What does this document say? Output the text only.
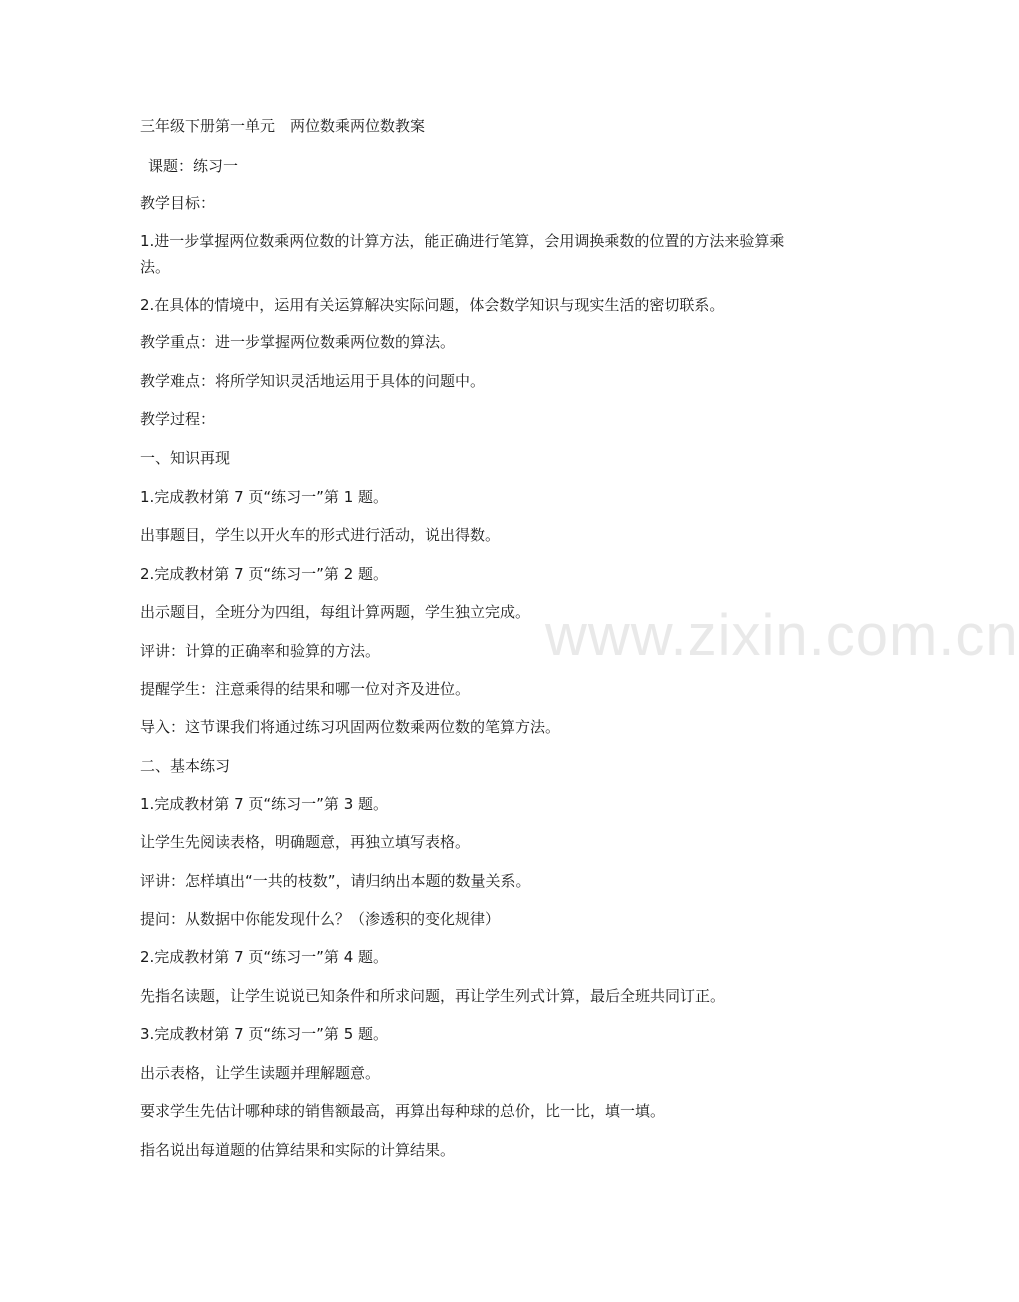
三年级下册第一单元　两位数乘两位数教案
课题：练习一
教学目标：
1.进一步掌握两位数乘两位数的计算方法，能正确进行笔算，会用调换乘数的位置的方法来验算乘法。
2.在具体的情境中，运用有关运算解决实际问题，体会数学知识与现实生活的密切联系。
教学重点：进一步掌握两位数乘两位数的算法。
教学难点：将所学知识灵活地运用于具体的问题中。
教学过程：
一、知识再现
1.完成教材第 7 页“练习一”第 1 题。
出事题目，学生以开火车的形式进行活动，说出得数。
2.完成教材第 7 页“练习一”第 2 题。
出示题目，全班分为四组，每组计算两题，学生独立完成。
评讲：计算的正确率和验算的方法。
提醒学生：注意乘得的结果和哪一位对齐及进位。
导入：这节课我们将通过练习巩固两位数乘两位数的笔算方法。
二、基本练习
1.完成教材第 7 页“练习一”第 3 题。
让学生先阅读表格，明确题意，再独立填写表格。
评讲：怎样填出“一共的枝数”，请归纳出本题的数量关系。
提问：从数据中你能发现什么？（渗透积的变化规律）
2.完成教材第 7 页“练习一”第 4 题。
先指名读题，让学生说说已知条件和所求问题，再让学生列式计算，最后全班共同订正。
3.完成教材第 7 页“练习一”第 5 题。
出示表格，让学生读题并理解题意。
要求学生先估计哪种球的销售额最高，再算出每种球的总价，比一比，填一填。
指名说出每道题的估算结果和实际的计算结果。
www.zixin.com.cn
